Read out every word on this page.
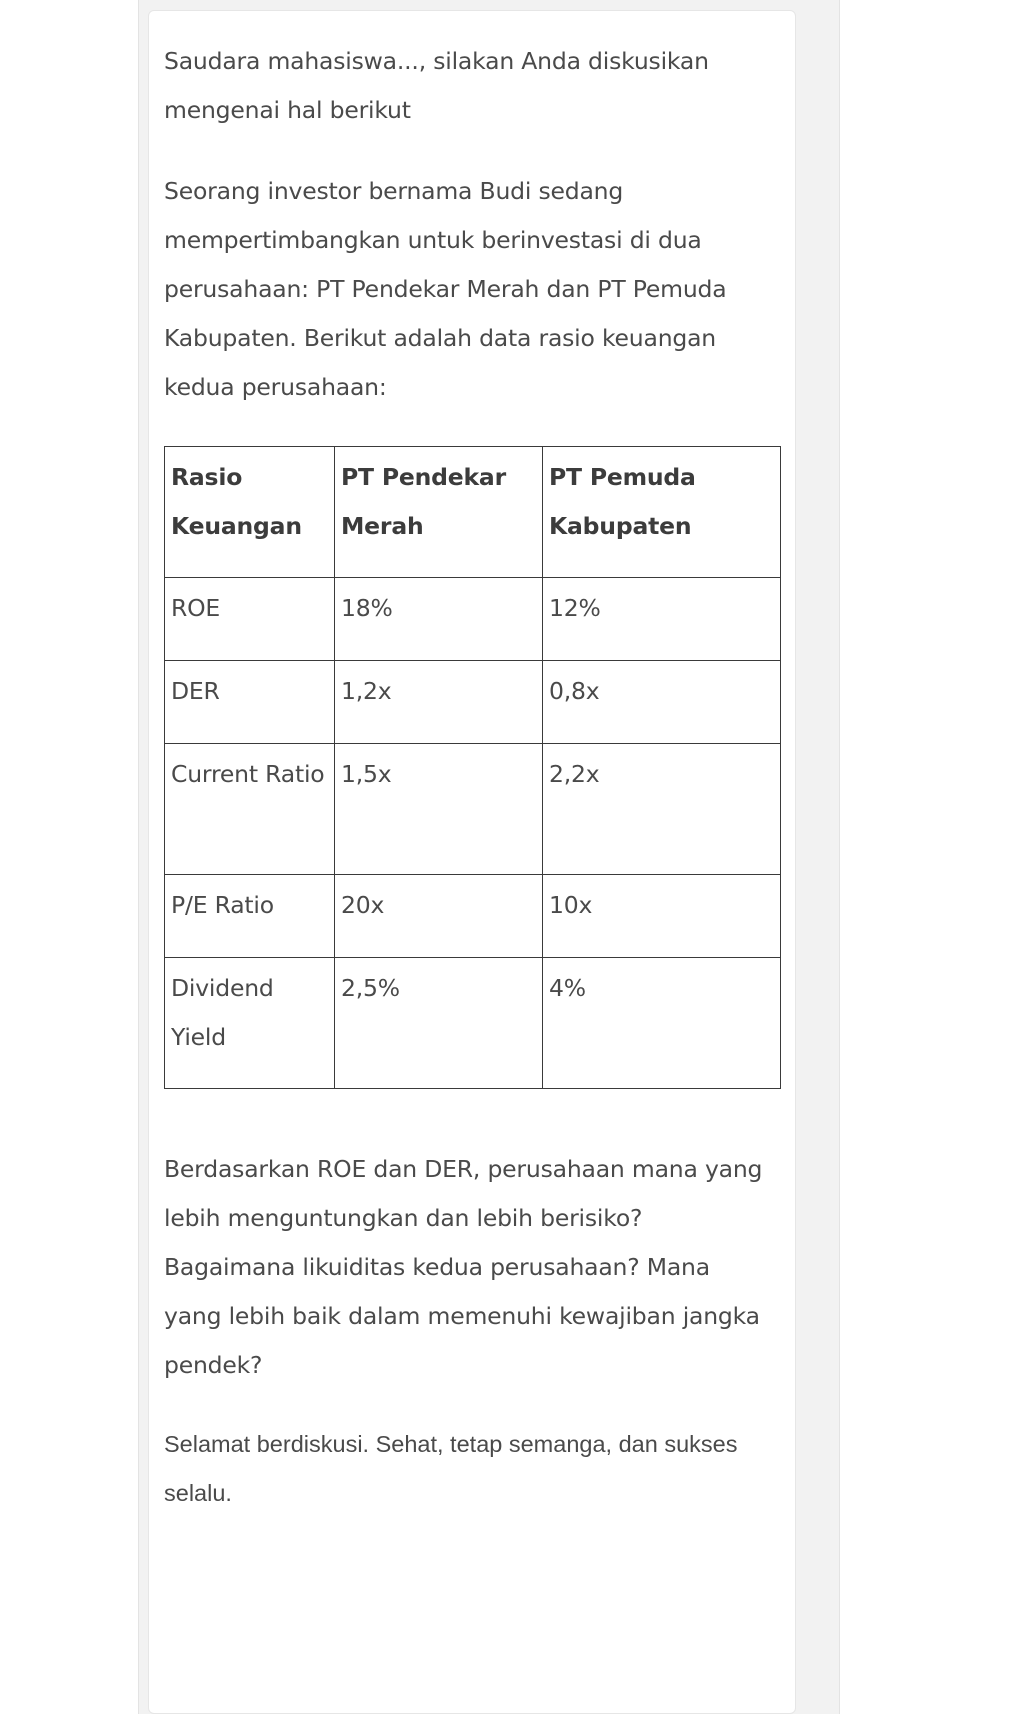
Saudara mahasiswa..., silakan Anda diskusikan mengenai hal berikut

Seorang investor bernama Budi sedang mempertimbangkan untuk berinvestasi di dua perusahaan: PT Pendekar Merah dan PT Pemuda Kabupaten. Berikut adalah data rasio keuangan kedua perusahaan:

Rasio Keuangan	PT Pendekar Merah	PT Pemuda Kabupaten
ROE	18%	12%
DER	1,2x	0,8x
Current Ratio	1,5x	2,2x
P/E Ratio	20x	10x
Dividend Yield	2,5%	4%

Berdasarkan ROE dan DER, perusahaan mana yang lebih menguntungkan dan lebih berisiko? Bagaimana likuiditas kedua perusahaan? Mana yang lebih baik dalam memenuhi kewajiban jangka pendek?

Selamat berdiskusi. Sehat, tetap semanga, dan sukses selalu.
